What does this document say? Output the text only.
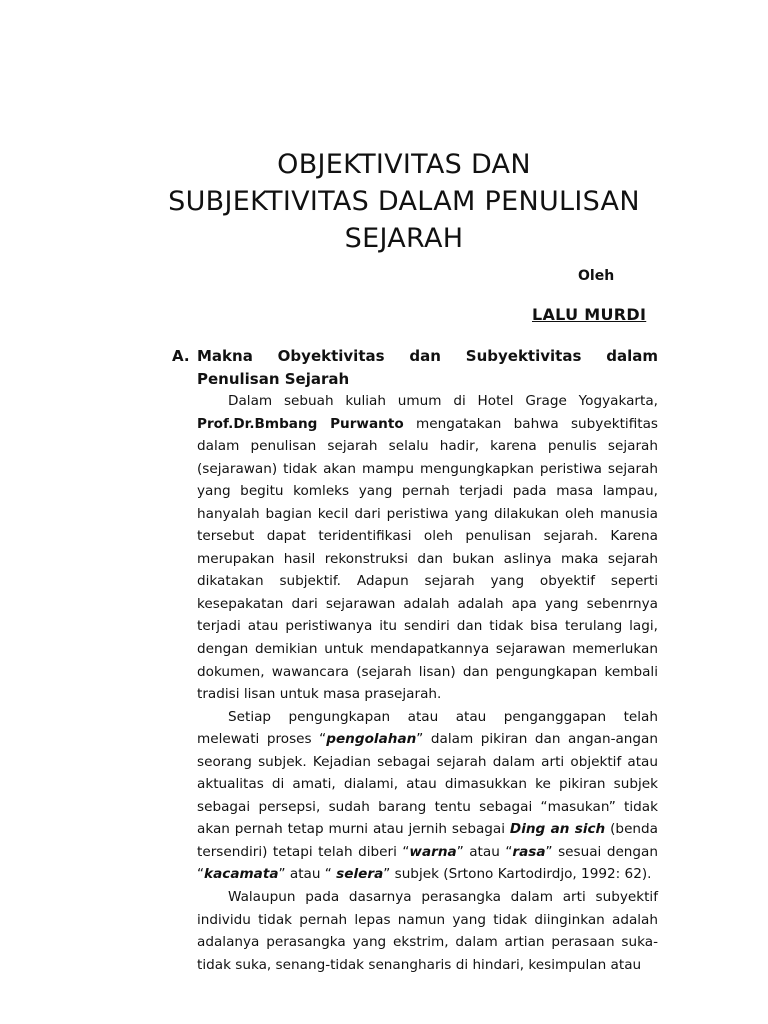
OBJEKTIVITAS DAN
SUBJEKTIVITAS DALAM PENULISAN
SEJARAH
Oleh
LALU MURDI
A. Makna Obyektivitas dan Subyektivitas dalam Penulisan Sejarah

Dalam sebuah kuliah umum di Hotel Grage Yogyakarta, Prof.Dr.Bmbang Purwanto mengatakan bahwa subyektifitas dalam penulisan sejarah selalu hadir, karena penulis sejarah (sejarawan) tidak akan mampu mengungkapkan peristiwa sejarah yang begitu komleks yang pernah terjadi pada masa lampau, hanyalah bagian kecil dari peristiwa yang dilakukan oleh manusia tersebut dapat teridentifikasi oleh penulisan sejarah. Karena merupakan hasil rekonstruksi dan bukan aslinya maka sejarah dikatakan subjektif. Adapun sejarah yang obyektif seperti kesepakatan dari sejarawan adalah adalah apa yang sebenrnya terjadi atau peristiwanya itu sendiri dan tidak bisa terulang lagi, dengan demikian untuk mendapatkannya sejarawan memerlukan dokumen, wawancara (sejarah lisan) dan pengungkapan kembali tradisi lisan untuk masa prasejarah.

Setiap pengungkapan atau atau penganggapan telah melewati proses “pengolahan” dalam pikiran dan angan-angan seorang subjek. Kejadian sebagai sejarah dalam arti objektif atau aktualitas di amati, dialami, atau dimasukkan ke pikiran subjek sebagai persepsi, sudah barang tentu sebagai “masukan” tidak akan pernah tetap murni atau jernih sebagai Ding an sich (benda tersendiri) tetapi telah diberi “warna” atau “rasa” sesuai dengan “kacamata” atau “ selera” subjek (Srtono Kartodirdjo, 1992: 62).

Walaupun pada dasarnya perasangka dalam arti subyektif individu tidak pernah lepas namun yang tidak diinginkan adalah adalanya perasangka yang ekstrim, dalam artian perasaan suka-tidak suka, senang-tidak senangharis di hindari, kesimpulan atau
